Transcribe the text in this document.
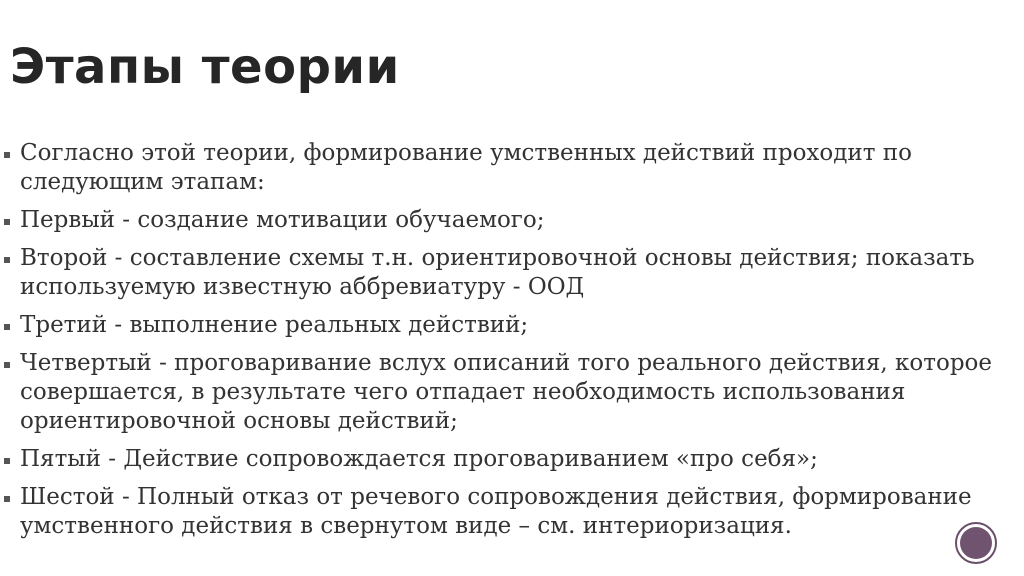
Этапы теории
Согласно этой теории, формирование умственных действий проходит по следующим этапам:
Первый - создание мотивации обучаемого;
Второй - составление схемы т.н. ориентировочной основы действия; показать используемую известную аббревиатуру - ООД
Третий - выполнение реальных действий;
Четвертый - проговаривание вслух описаний того реального действия, которое совершается, в результате чего отпадает необходимость использования ориентировочной основы действий;
Пятый - Действие сопровождается проговариванием «про себя»;
Шестой - Полный отказ от речевого сопровождения действия, формирование умственного действия в свернутом виде – см. интериоризация.
